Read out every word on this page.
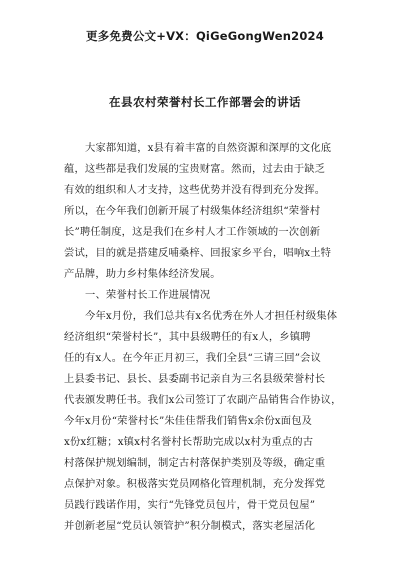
更多免费公文+VX：QiGeGongWen2024
在县农村荣誉村长工作部署会的讲话
大家都知道，x县有着丰富的自然资源和深厚的文化底
蕴，这些都是我们发展的宝贵财富。然而，过去由于缺乏
有效的组织和人才支持，这些优势并没有得到充分发挥。
所以，在今年我们创新开展了村级集体经济组织“荣誉村
长”聘任制度，这是我们在乡村人才工作领域的一次创新
尝试，目的就是搭建反哺桑梓、回报家乡平台，唱响x土特
产品牌，助力乡村集体经济发展。
一、荣誉村长工作进展情况
今年x月份，我们总共有x名优秀在外人才担任村级集体
经济组织“荣誉村长”，其中县级聘任的有x人，乡镇聘
任的有x人。在今年正月初三，我们全县“三请三回”会议
上县委书记、县长、县委副书记亲自为三名县级荣誉村长
代表颁发聘任书。我们x公司签订了农副产品销售合作协议，
今年x月份“荣誉村长”朱佳佳帮我们销售x余份x面包及
x份x红糖；x镇x村名誉村长帮助完成以x村为重点的古
村落保护规划编制，制定古村落保护类别及等级，确定重
点保护对象。积极落实党员网格化管理机制，充分发挥党
员践行践诺作用，实行“先锋党员包片，骨干党员包屋”
并创新老屋“党员认领管护”积分制模式，落实老屋活化
